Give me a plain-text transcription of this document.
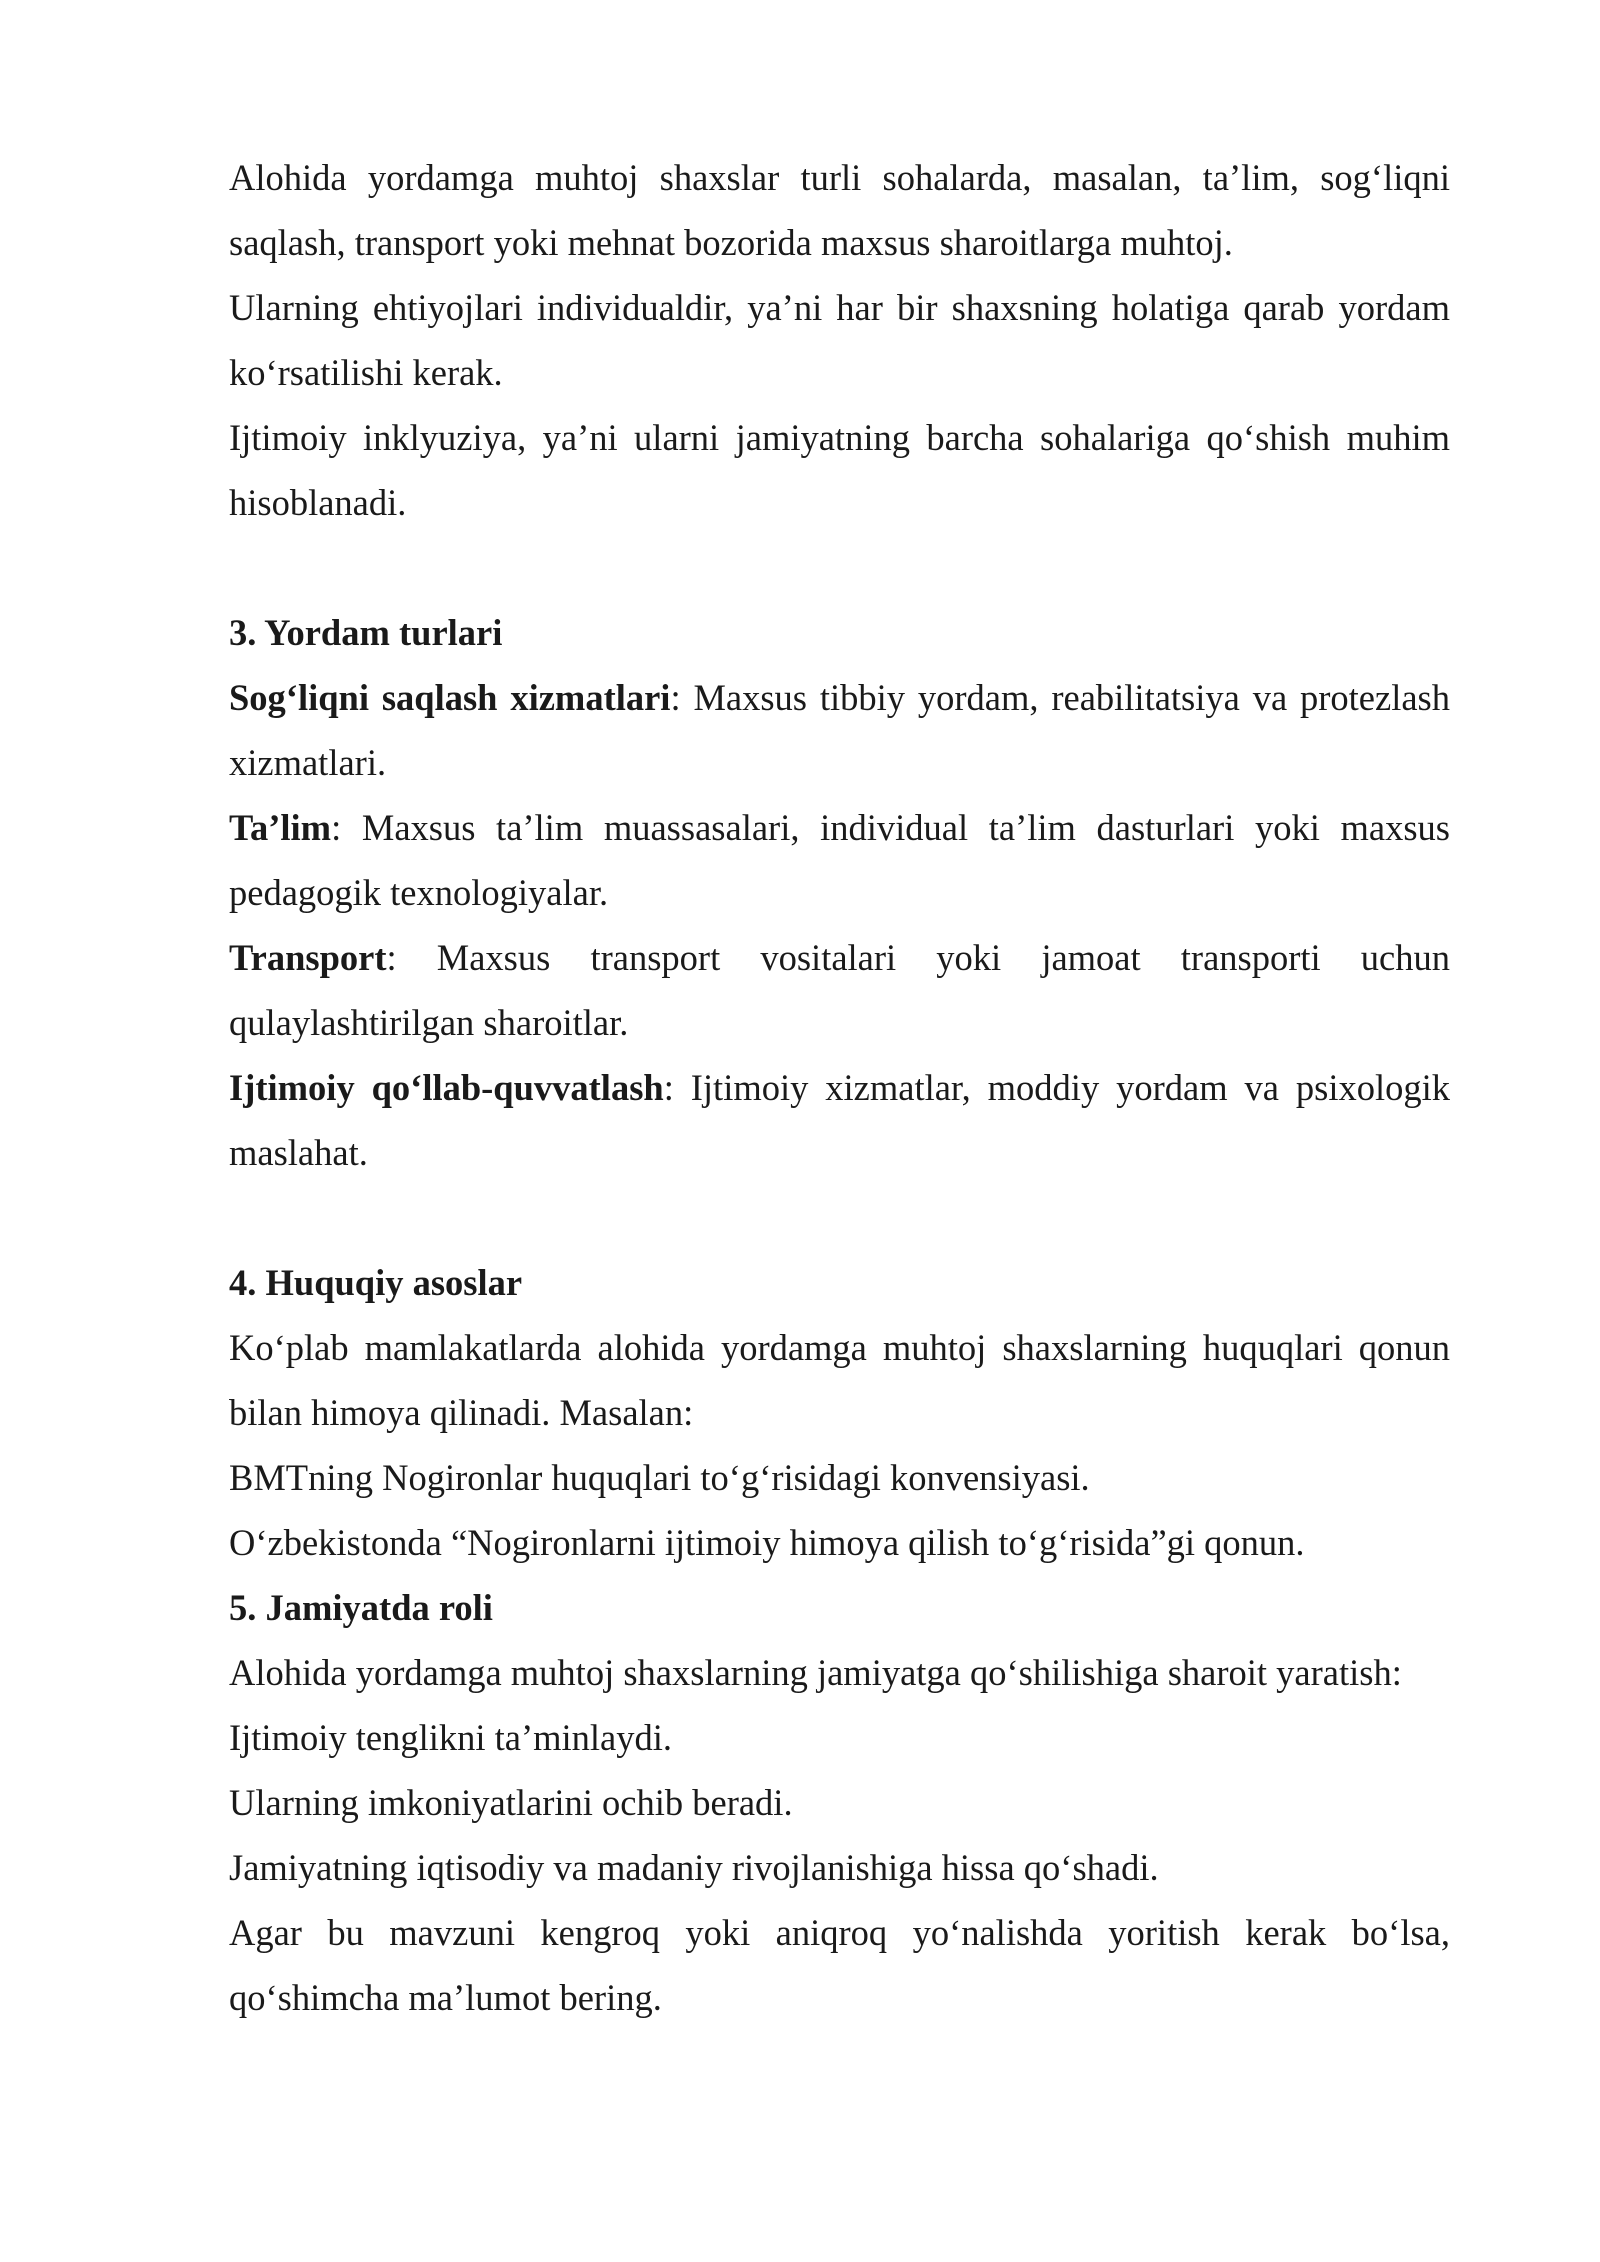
Alohida yordamga muhtoj shaxslar turli sohalarda, masalan, ta’lim, sog‘liqni saqlash, transport yoki mehnat bozorida maxsus sharoitlarga muhtoj.

Ularning ehtiyojlari individualdir, ya’ni har bir shaxsning holatiga qarab yordam ko‘rsatilishi kerak.

Ijtimoiy inklyuziya, ya’ni ularni jamiyatning barcha sohalariga qo‘shish muhim hisoblanadi.

3. Yordam turlari

Sog‘liqni saqlash xizmatlari: Maxsus tibbiy yordam, reabilitatsiya va protezlash xizmatlari.

Ta’lim: Maxsus ta’lim muassasalari, individual ta’lim dasturlari yoki maxsus pedagogik texnologiyalar.

Transport: Maxsus transport vositalari yoki jamoat transporti uchun qulaylashtirilgan sharoitlar.

Ijtimoiy qo‘llab-quvvatlash: Ijtimoiy xizmatlar, moddiy yordam va psixologik maslahat.

4. Huquqiy asoslar

Ko‘plab mamlakatlarda alohida yordamga muhtoj shaxslarning huquqlari qonun bilan himoya qilinadi. Masalan:

BMTning Nogironlar huquqlari to‘g‘risidagi konvensiyasi.

O‘zbekistonda “Nogironlarni ijtimoiy himoya qilish to‘g‘risida”gi qonun.

5. Jamiyatda roli

Alohida yordamga muhtoj shaxslarning jamiyatga qo‘shilishiga sharoit yaratish:

Ijtimoiy tenglikni ta’minlaydi.

Ularning imkoniyatlarini ochib beradi.

Jamiyatning iqtisodiy va madaniy rivojlanishiga hissa qo‘shadi.

Agar bu mavzuni kengroq yoki aniqroq yo‘nalishda yoritish kerak bo‘lsa, qo‘shimcha ma’lumot bering.
